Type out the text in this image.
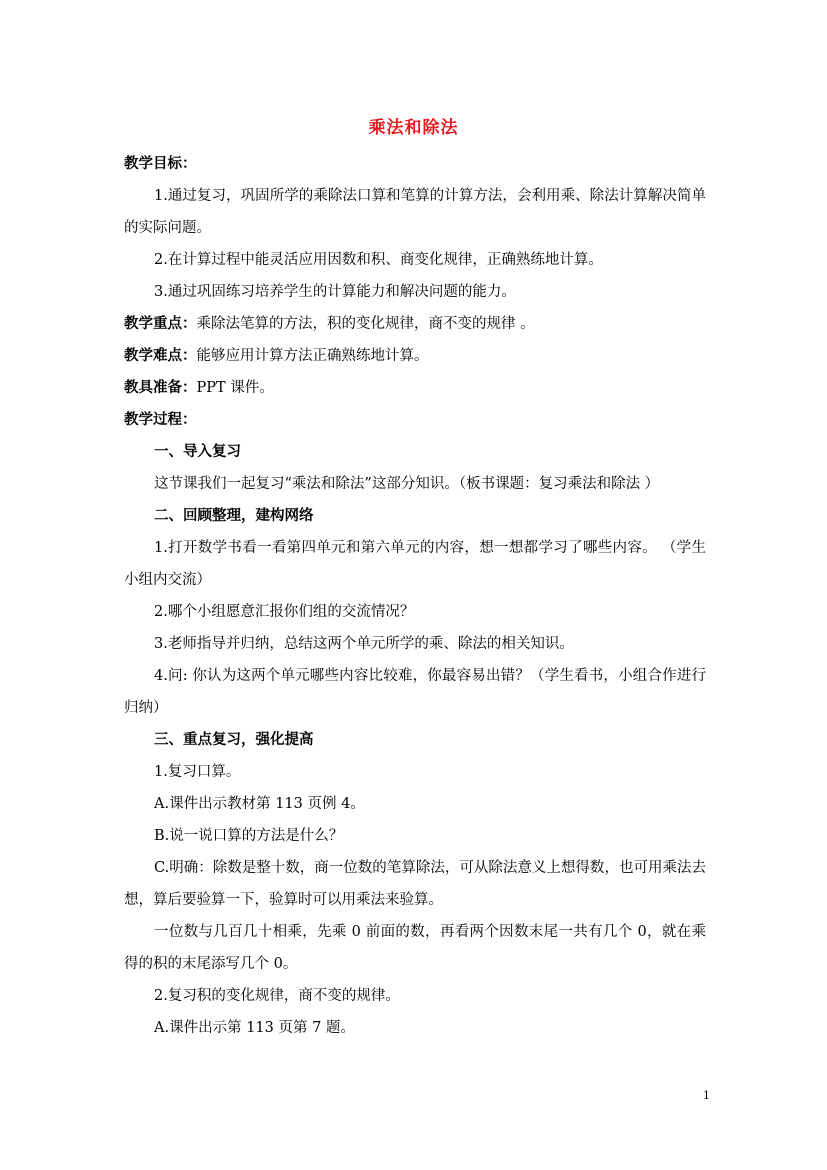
乘法和除法

教学目标：

1.通过复习，巩固所学的乘除法口算和笔算的计算方法，会利用乘、除法计算解决简单的实际问题。

2.在计算过程中能灵活应用因数和积、商变化规律，正确熟练地计算。

3.通过巩固练习培养学生的计算能力和解决问题的能力。

教学重点：乘除法笔算的方法，积的变化规律，商不变的规律 。

教学难点：能够应用计算方法正确熟练地计算。

教具准备：PPT 课件。

教学过程：

一、导入复习

这节课我们一起复习“乘法和除法”这部分知识。（板书课题：复习乘法和除法 ）

二、回顾整理，建构网络

1.打开数学书看一看第四单元和第六单元的内容，想一想都学习了哪些内容。 （学生小组内交流）

2.哪个小组愿意汇报你们组的交流情况？

3.老师指导并归纳，总结这两个单元所学的乘、除法的相关知识。

4.问: 你认为这两个单元哪些内容比较难，你最容易出错？（学生看书，小组合作进行归纳）

三、重点复习，强化提高

1.复习口算。

A.课件出示教材第 113 页例 4。

B.说一说口算的方法是什么？

C.明确：除数是整十数，商一位数的笔算除法，可从除法意义上想得数，也可用乘法去想，算后要验算一下，验算时可以用乘法来验算。

一位数与几百几十相乘，先乘 0 前面的数，再看两个因数末尾一共有几个 0，就在乘得的积的末尾添写几个 0。

2.复习积的变化规律，商不变的规律。

A.课件出示第 113 页第 7 题。

1
